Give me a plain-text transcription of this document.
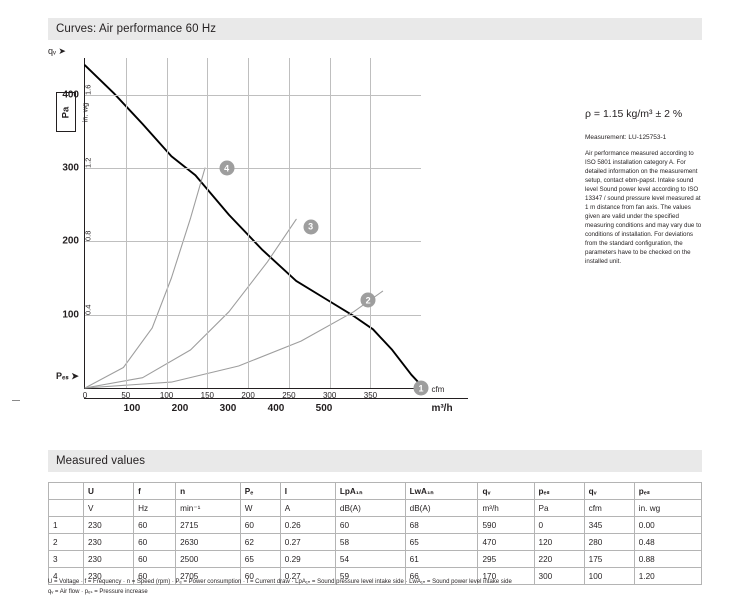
Curves: Air performance 60 Hz
Pa in. wg
Pₑₛ ➤
qᵥ ➤
0	50	100	150	200	250	300	350
100 0.4
200 0.8
300 1.2
400 1.6
1
2
3
4
100	200	300	400	500	m³/h
cfm
ρ = 1.15 kg/m³ ± 2 %
Measurement: LU-125753-1
Air performance measured according to ISO 5801 installation category A. For detailed information on the measurement setup, contact ebm-papst. Intake sound level Sound power level according to ISO 13347 / sound pressure level measured at 1 m distance from fan axis. The values given are valid under the specified measuring conditions and may vary due to conditions of installation. For deviations from the standard configuration, the parameters have to be checked on the installed unit.
Measured values
	U	f	n	Pₑ	I	LpA₁ₙ	LwA₁ₙ	qᵥ	pₑₛ	qᵥ	pₑₛ
	V	Hz	min⁻¹	W	A	dB(A)	dB(A)	m³/h	Pa	cfm	in. wg
1	230	60	2715	60	0.26	60	68	590	0	345	0.00
2	230	60	2630	62	0.27	58	65	470	120	280	0.48
3	230	60	2500	65	0.29	54	61	295	220	175	0.88
4	230	60	2705	60	0.27	59	66	170	300	100	1.20
U = Voltage · f = Frequency · n = Speed (rpm) · Pₑ = Power consumption · I = Current draw · LpA₁ₙ = Sound pressure level intake side · LwA₁ₙ = Sound power level intake side
qᵥ = Air flow · pₑₛ = Pressure increase
